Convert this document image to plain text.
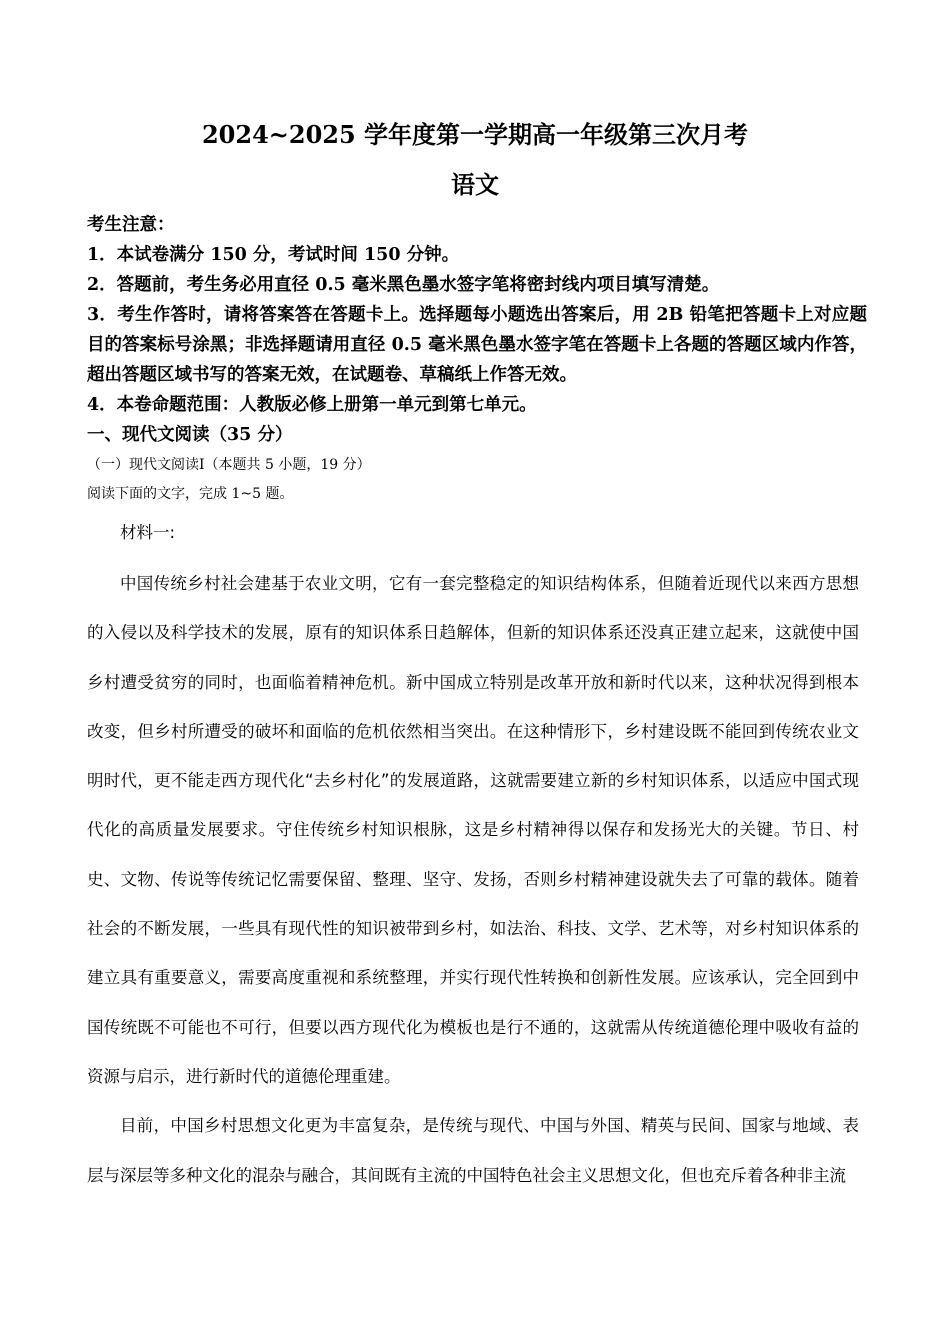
2024~2025 学年度第一学期高一年级第三次月考
语文
考生注意：
1．本试卷满分 150 分，考试时间 150 分钟。
2．答题前，考生务必用直径 0.5 毫米黑色墨水签字笔将密封线内项目填写清楚。
3．考生作答时，请将答案答在答题卡上。选择题每小题选出答案后，用 2B 铅笔把答题卡上对应题目的答案标号涂黑；非选择题请用直径 0.5 毫米黑色墨水签字笔在答题卡上各题的答题区域内作答，超出答题区域书写的答案无效，在试题卷、草稿纸上作答无效。
4．本卷命题范围：人教版必修上册第一单元到第七单元。
一、现代文阅读（35 分）
（一）现代文阅读I（本题共 5 小题，19 分）
阅读下面的文字，完成 1~5 题。

材料一:

中国传统乡村社会建基于农业文明，它有一套完整稳定的知识结构体系，但随着近现代以来西方思想的入侵以及科学技术的发展，原有的知识体系日趋解体，但新的知识体系还没真正建立起来，这就使中国乡村遭受贫穷的同时，也面临着精神危机。新中国成立特别是改革开放和新时代以来，这种状况得到根本改变，但乡村所遭受的破坏和面临的危机依然相当突出。在这种情形下，乡村建设既不能回到传统农业文明时代，更不能走西方现代化“去乡村化”的发展道路，这就需要建立新的乡村知识体系，以适应中国式现代化的高质量发展要求。守住传统乡村知识根脉，这是乡村精神得以保存和发扬光大的关键。节日、村史、文物、传说等传统记忆需要保留、整理、坚守、发扬，否则乡村精神建设就失去了可靠的载体。随着社会的不断发展，一些具有现代性的知识被带到乡村，如法治、科技、文学、艺术等，对乡村知识体系的建立具有重要意义，需要高度重视和系统整理，并实行现代性转换和创新性发展。应该承认，完全回到中国传统既不可能也不可行，但要以西方现代化为模板也是行不通的，这就需从传统道德伦理中吸收有益的资源与启示，进行新时代的道德伦理重建。

目前，中国乡村思想文化更为丰富复杂，是传统与现代、中国与外国、精英与民间、国家与地域、表层与深层等多种文化的混杂与融合，其间既有主流的中国特色社会主义思想文化，但也充斥着各种非主流
